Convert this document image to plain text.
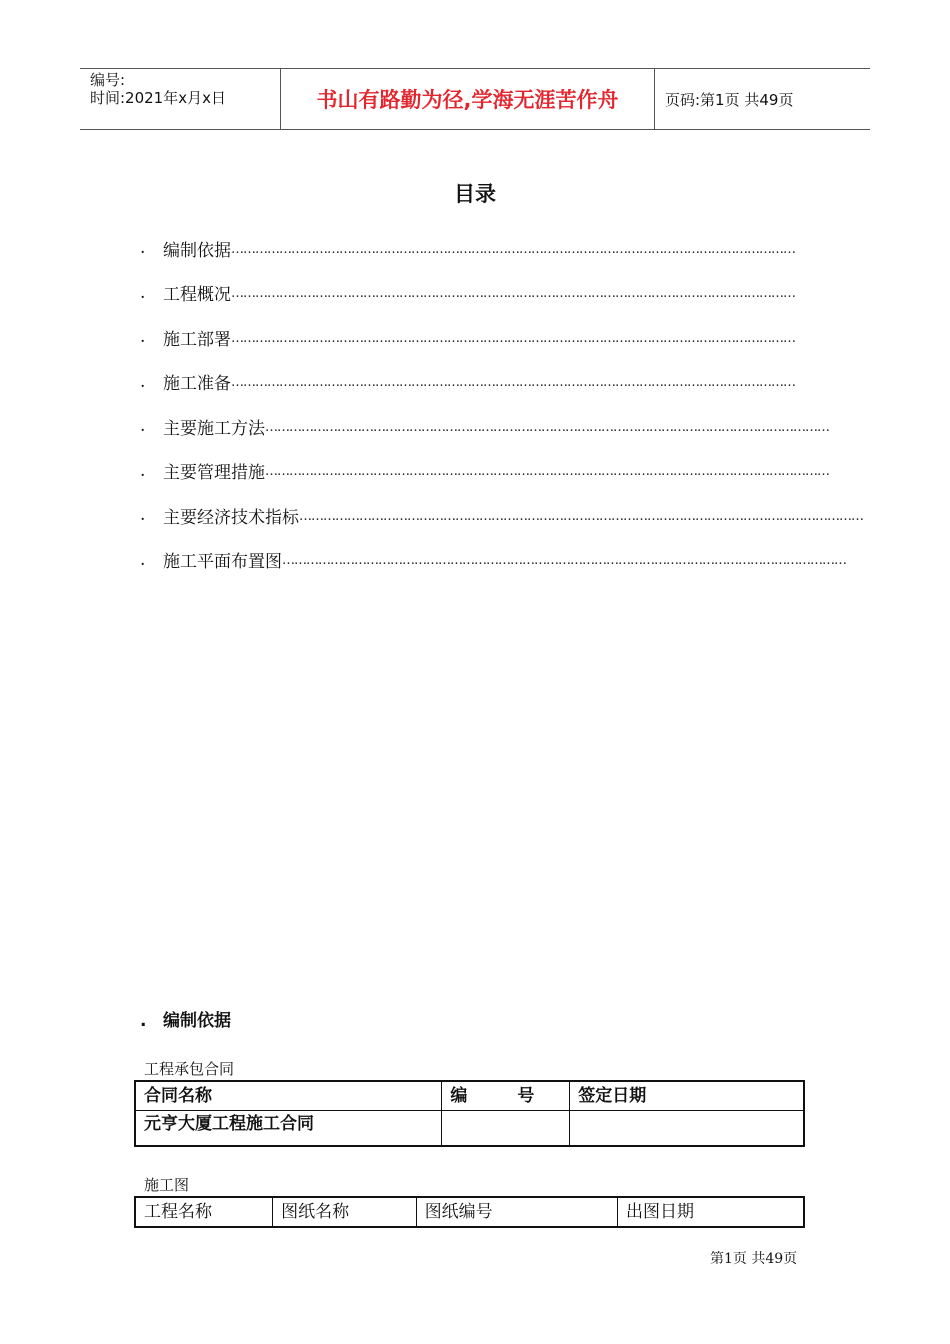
编号:
时间:2021年x月x日	书山有路勤为径,学海无涯苦作舟	页码:第1页 共49页
目录
.	编制依据 ……………………………………………………………………………………………………………………………
.	工程概况 ……………………………………………………………………………………………………………………………
.	施工部署 ……………………………………………………………………………………………………………………………
.	施工准备 ……………………………………………………………………………………………………………………………
.	主要施工方法 ……………………………………………………………………………………………………………………………
.	主要管理措施 ……………………………………………………………………………………………………………………………
.	主要经济技术指标 ……………………………………………………………………………………………………………………………
.	施工平面布置图 ……………………………………………………………………………………………………………………………
. 编制依据
工程承包合同
合同名称	编 号	签定日期
元亨大厦工程施工合同		
施工图
工程名称	图纸名称	图纸编号	出图日期
第1页 共49页
